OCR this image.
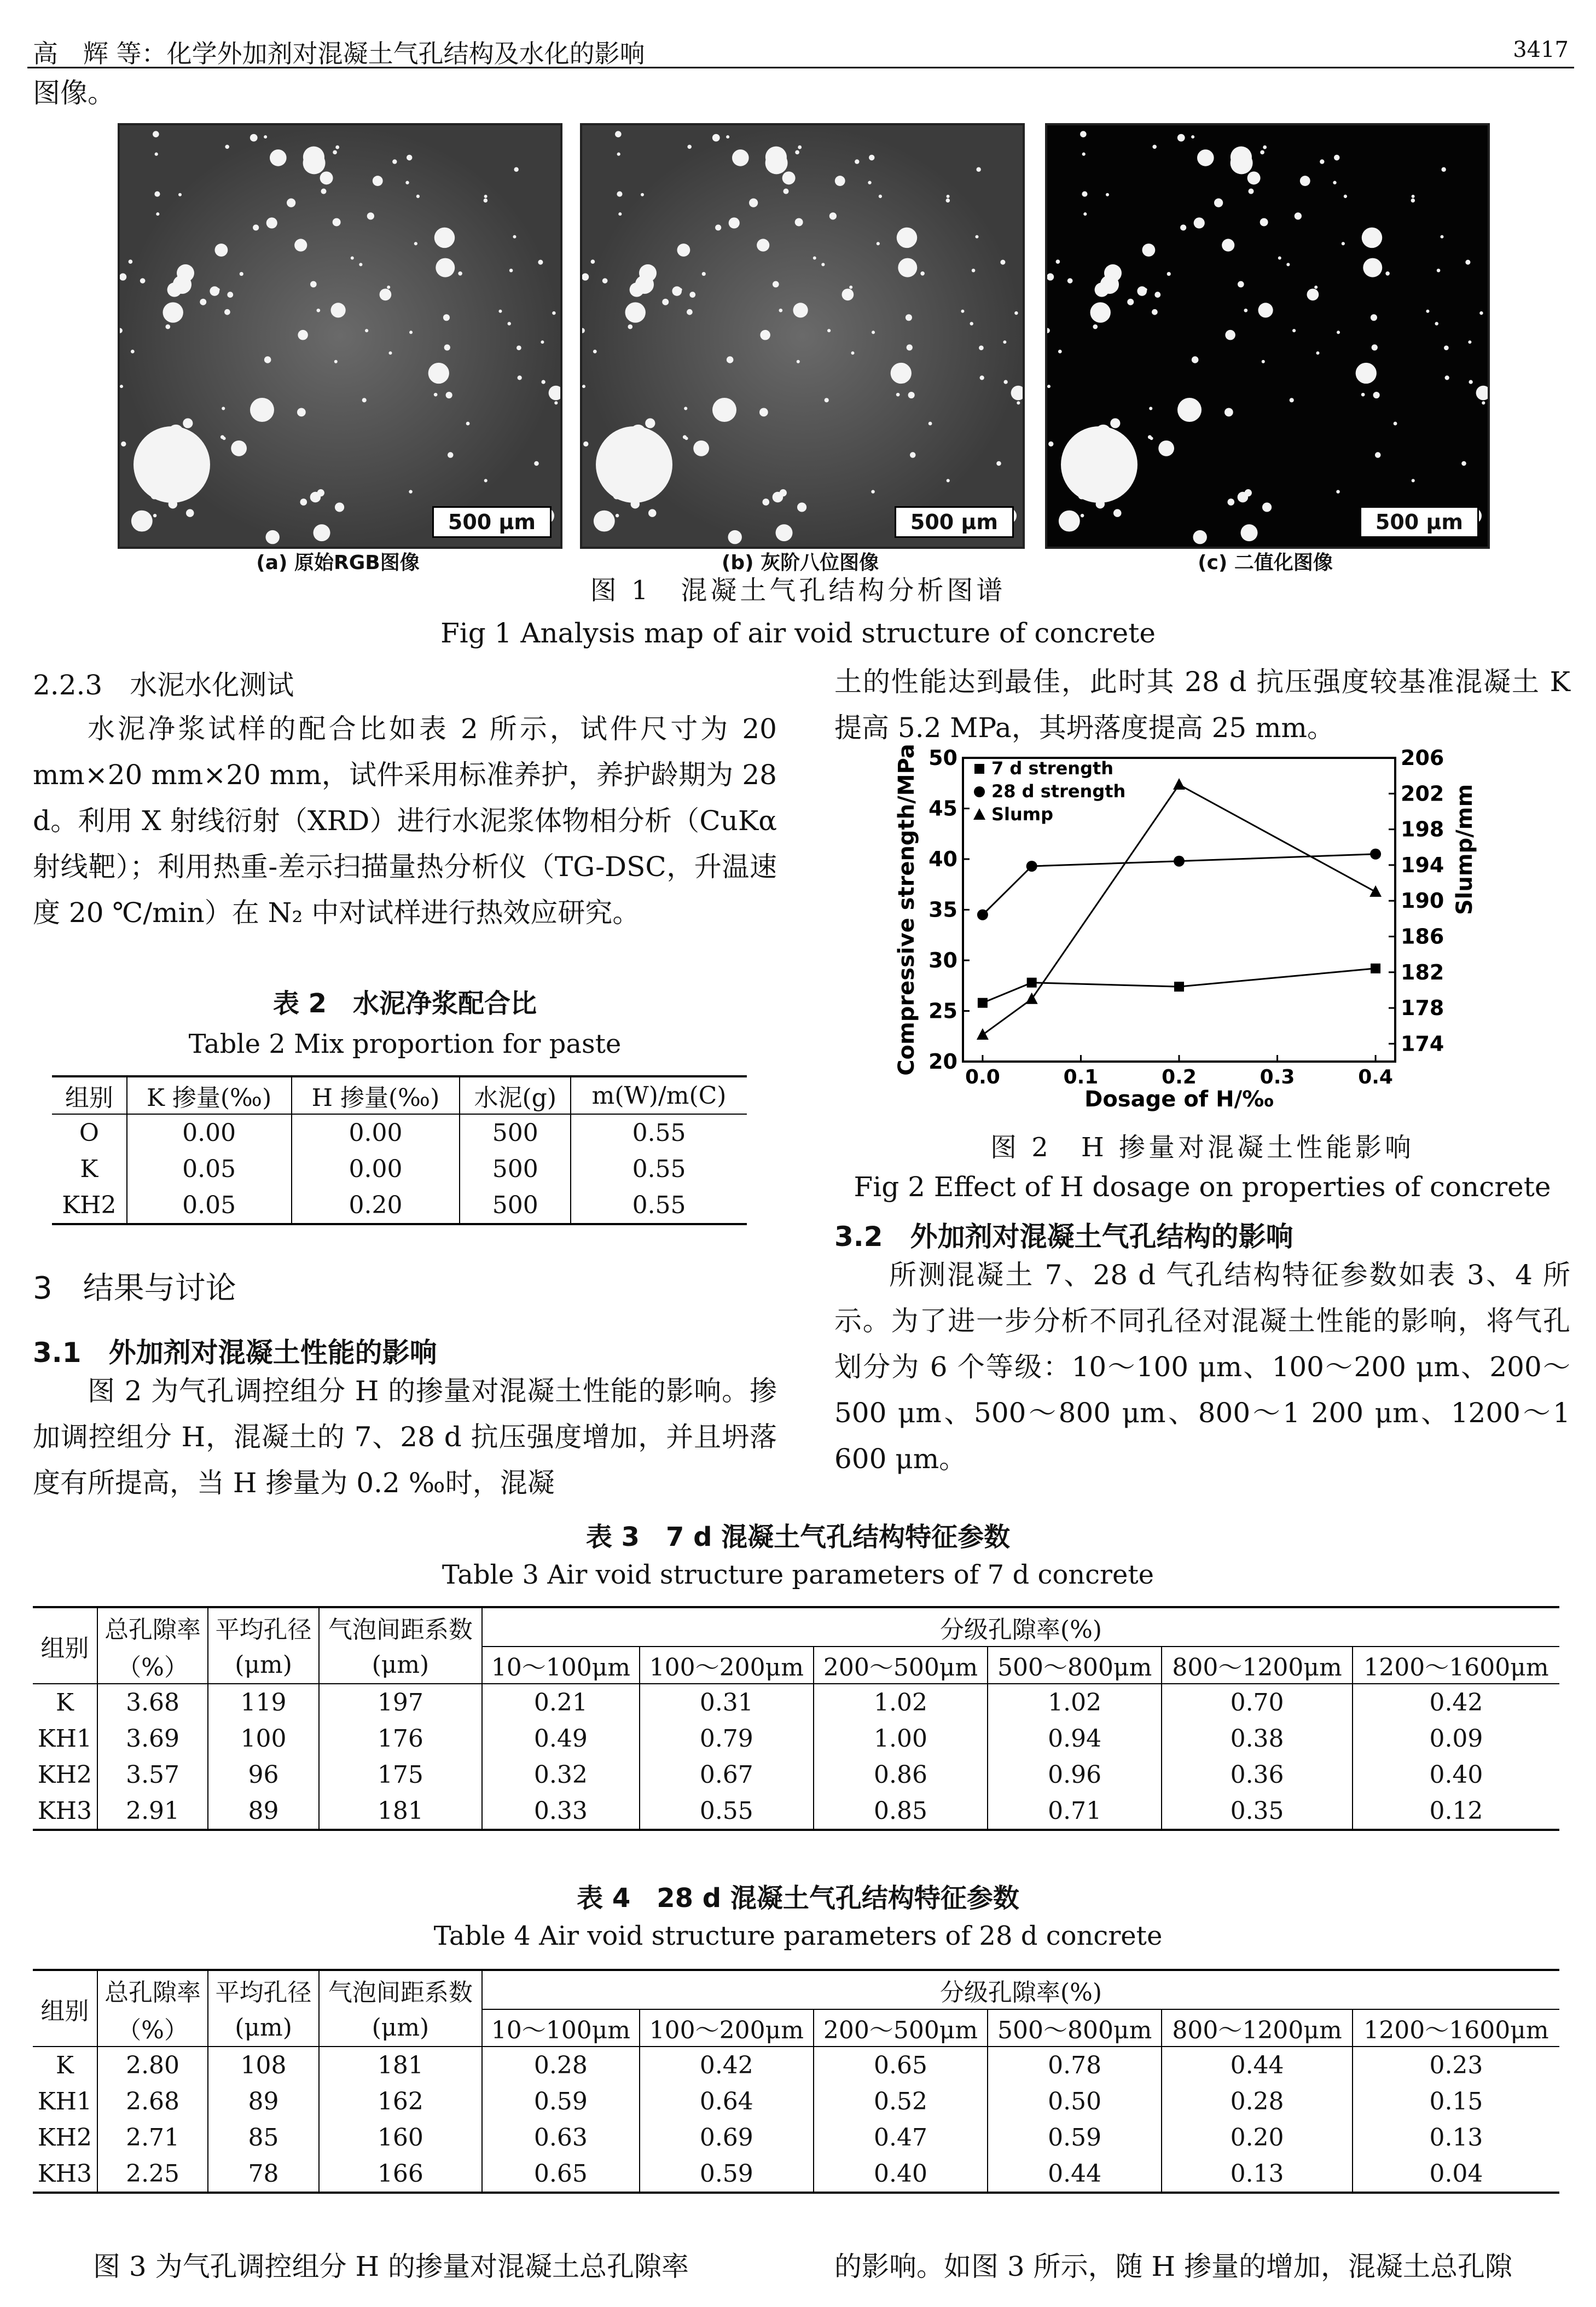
高　辉 等：化学外加剂对混凝土气孔结构及水化的影响	3417
图像。
500 μm	500 μm	500 μm
(a) 原始RGB图像	(b) 灰阶八位图像	(c) 二值化图像
图 1　混凝土气孔结构分析图谱
Fig 1 Analysis map of air void structure of concrete
2.2.3　水泥水化测试
水泥净浆试样的配合比如表 2 所示，试件尺寸为 20 mm×20 mm×20 mm，试件采用标准养护，养护龄期为 28 d。利用 X 射线衍射（XRD）进行水泥浆体物相分析（CuKα 射线靶）；利用热重-差示扫描量热分析仪（TG-DSC，升温速度 20 ℃/min）在 N₂ 中对试样进行热效应研究。
表 2　水泥净浆配合比
Table 2 Mix proportion for paste
组别	K 掺量(‰)	H 掺量(‰)	水泥(g)	m(W)/m(C)
O	0.00	0.00	500	0.55
K	0.05	0.00	500	0.55
KH2	0.05	0.20	500	0.55
3　结果与讨论
3.1　外加剂对混凝土性能的影响
图 2 为气孔调控组分 H 的掺量对混凝土性能的影响。掺加调控组分 H，混凝土的 7、28 d 抗压强度增加，并且坍落度有所提高，当 H 掺量为 0.2 ‰时，混凝
土的性能达到最佳，此时其 28 d 抗压强度较基准混凝土 K 提高 5.2 MPa，其坍落度提高 25 mm。
0.0	0.1	0.2	0.3	0.4
20
25
30
35
40
45
50
174
178
182
186
190
194
198
202
206
Dosage of H/‰
Compressive strength/MPa	Slump/mm
7 d strength
28 d strength
Slump
图 2　H 掺量对混凝土性能影响
Fig 2 Effect of H dosage on properties of concrete
3.2　外加剂对混凝土气孔结构的影响
所测混凝土 7、28 d 气孔结构特征参数如表 3、4 所示。为了进一步分析不同孔径对混凝土性能的影响，将气孔划分为 6 个等级：10～100 μm、100～200 μm、200～500 μm、500～800 μm、800～1 200 μm、1200～1 600 μm。
表 3　7 d 混凝土气孔结构特征参数
Table 3 Air void structure parameters of 7 d concrete
组别	总孔隙率	平均孔径	气泡间距系数	分级孔隙率(%)					
	（%）	(μm)	(μm)	10～100μm	100～200μm	200～500μm	500～800μm	800～1200μm	1200～1600μm
K	3.68	119	197	0.21	0.31	1.02	1.02	0.70	0.42
KH1	3.69	100	176	0.49	0.79	1.00	0.94	0.38	0.09
KH2	3.57	96	175	0.32	0.67	0.86	0.96	0.36	0.40
KH3	2.91	89	181	0.33	0.55	0.85	0.71	0.35	0.12
表 4　28 d 混凝土气孔结构特征参数
Table 4 Air void structure parameters of 28 d concrete
组别	总孔隙率	平均孔径	气泡间距系数	分级孔隙率(%)					
	（%）	(μm)	(μm)	10～100μm	100～200μm	200～500μm	500～800μm	800～1200μm	1200～1600μm
K	2.80	108	181	0.28	0.42	0.65	0.78	0.44	0.23
KH1	2.68	89	162	0.59	0.64	0.52	0.50	0.28	0.15
KH2	2.71	85	160	0.63	0.69	0.47	0.59	0.20	0.13
KH3	2.25	78	166	0.65	0.59	0.40	0.44	0.13	0.04
图 3 为气孔调控组分 H 的掺量对混凝土总孔隙率	的影响。如图 3 所示，随 H 掺量的增加，混凝土总孔隙
